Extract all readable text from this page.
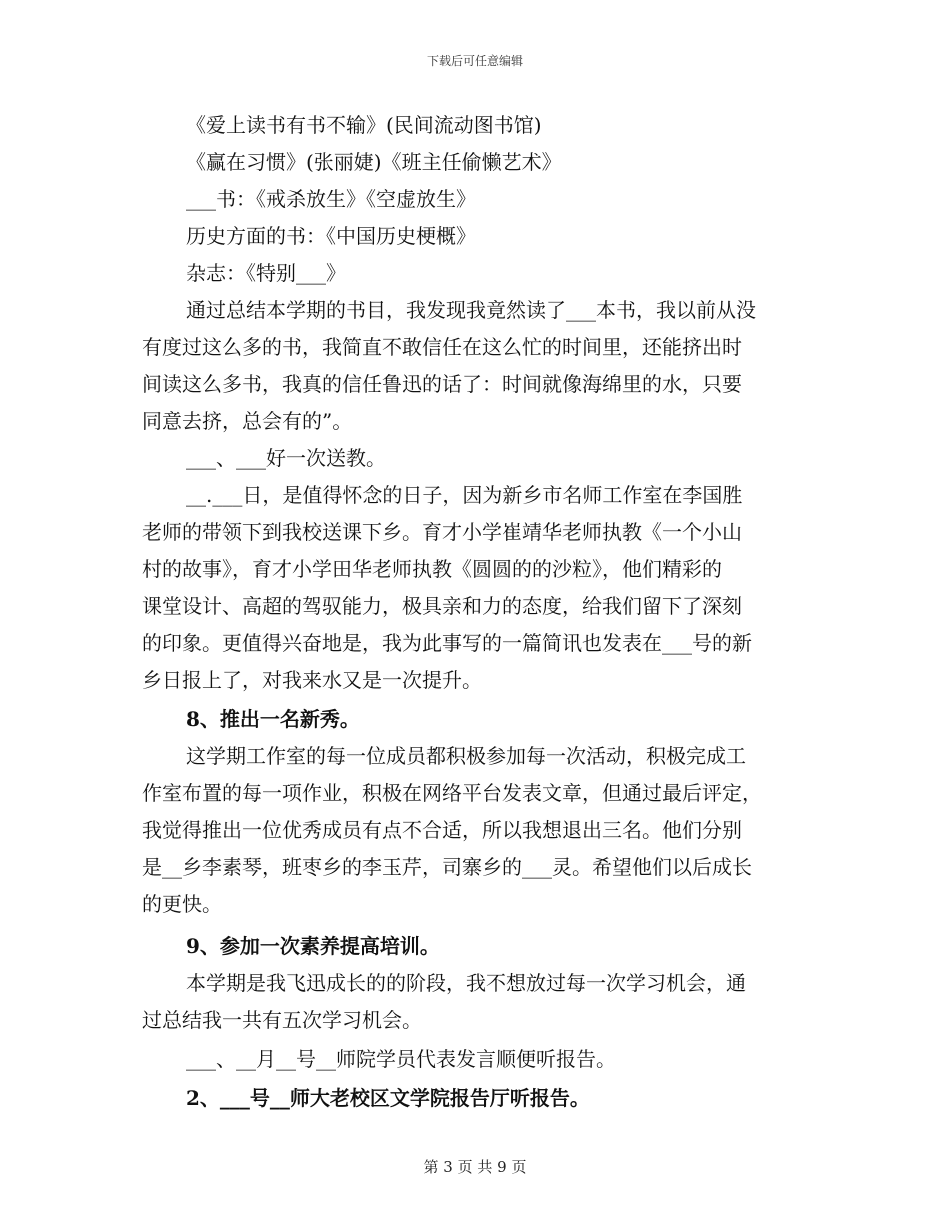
下载后可任意编辑
《爱上读书有书不输》(民间流动图书馆)
《赢在习惯》(张丽婕)《班主任偷懒艺术》
___书：《戒杀放生》《空虚放生》
历史方面的书：《中国历史梗概》
杂志：《特别___》
通过总结本学期的书目，我发现我竟然读了___本书，我以前从没
有度过这么多的书，我简直不敢信任在这么忙的时间里，还能挤出时
间读这么多书，我真的信任鲁迅的话了：时间就像海绵里的水，只要
同意去挤，总会有的”。
___、___好一次送教。
__.___日，是值得怀念的日子，因为新乡市名师工作室在李国胜
老师的带领下到我校送课下乡。育才小学崔靖华老师执教《一个小山
村的故事》，育才小学田华老师执教《圆圆的的沙粒》，他们精彩的
课堂设计、高超的驾驭能力，极具亲和力的态度，给我们留下了深刻
的印象。更值得兴奋地是，我为此事写的一篇简讯也发表在___号的新
乡日报上了，对我来水又是一次提升。
8、推出一名新秀。
这学期工作室的每一位成员都积极参加每一次活动，积极完成工
作室布置的每一项作业，积极在网络平台发表文章，但通过最后评定，
我觉得推出一位优秀成员有点不合适，所以我想退出三名。他们分别
是__乡李素琴，班枣乡的李玉芹，司寨乡的___灵。希望他们以后成长
的更快。
9、参加一次素养提高培训。
本学期是我飞迅成长的的阶段，我不想放过每一次学习机会，通
过总结我一共有五次学习机会。
___、__月__号__师院学员代表发言顺便听报告。
2、___号__师大老校区文学院报告厅听报告。
第 3 页 共 9 页
